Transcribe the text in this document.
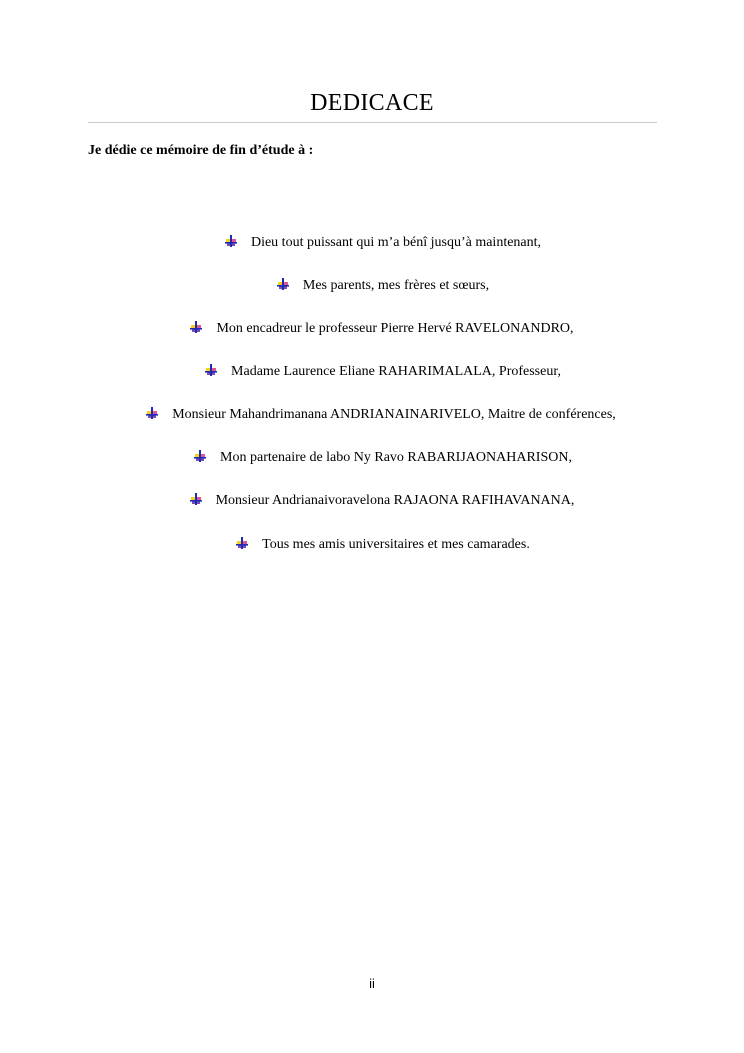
DEDICACE
Je dédie ce mémoire de fin d’étude à :
Dieu tout puissant qui m’a bénî jusqu’à maintenant,
Mes parents, mes frères et sœurs,
Mon encadreur le professeur Pierre Hervé RAVELONANDRO,
Madame Laurence Eliane RAHARIMALALA, Professeur,
Monsieur Mahandrimanana ANDRIANAINARIVELO, Maitre de conférences,
Mon partenaire de labo Ny Ravo RABARIJAONAHARISON,
Monsieur Andrianaivoravelona RAJAONA RAFIHAVANANA,
Tous mes amis universitaires et mes camarades.
ii
